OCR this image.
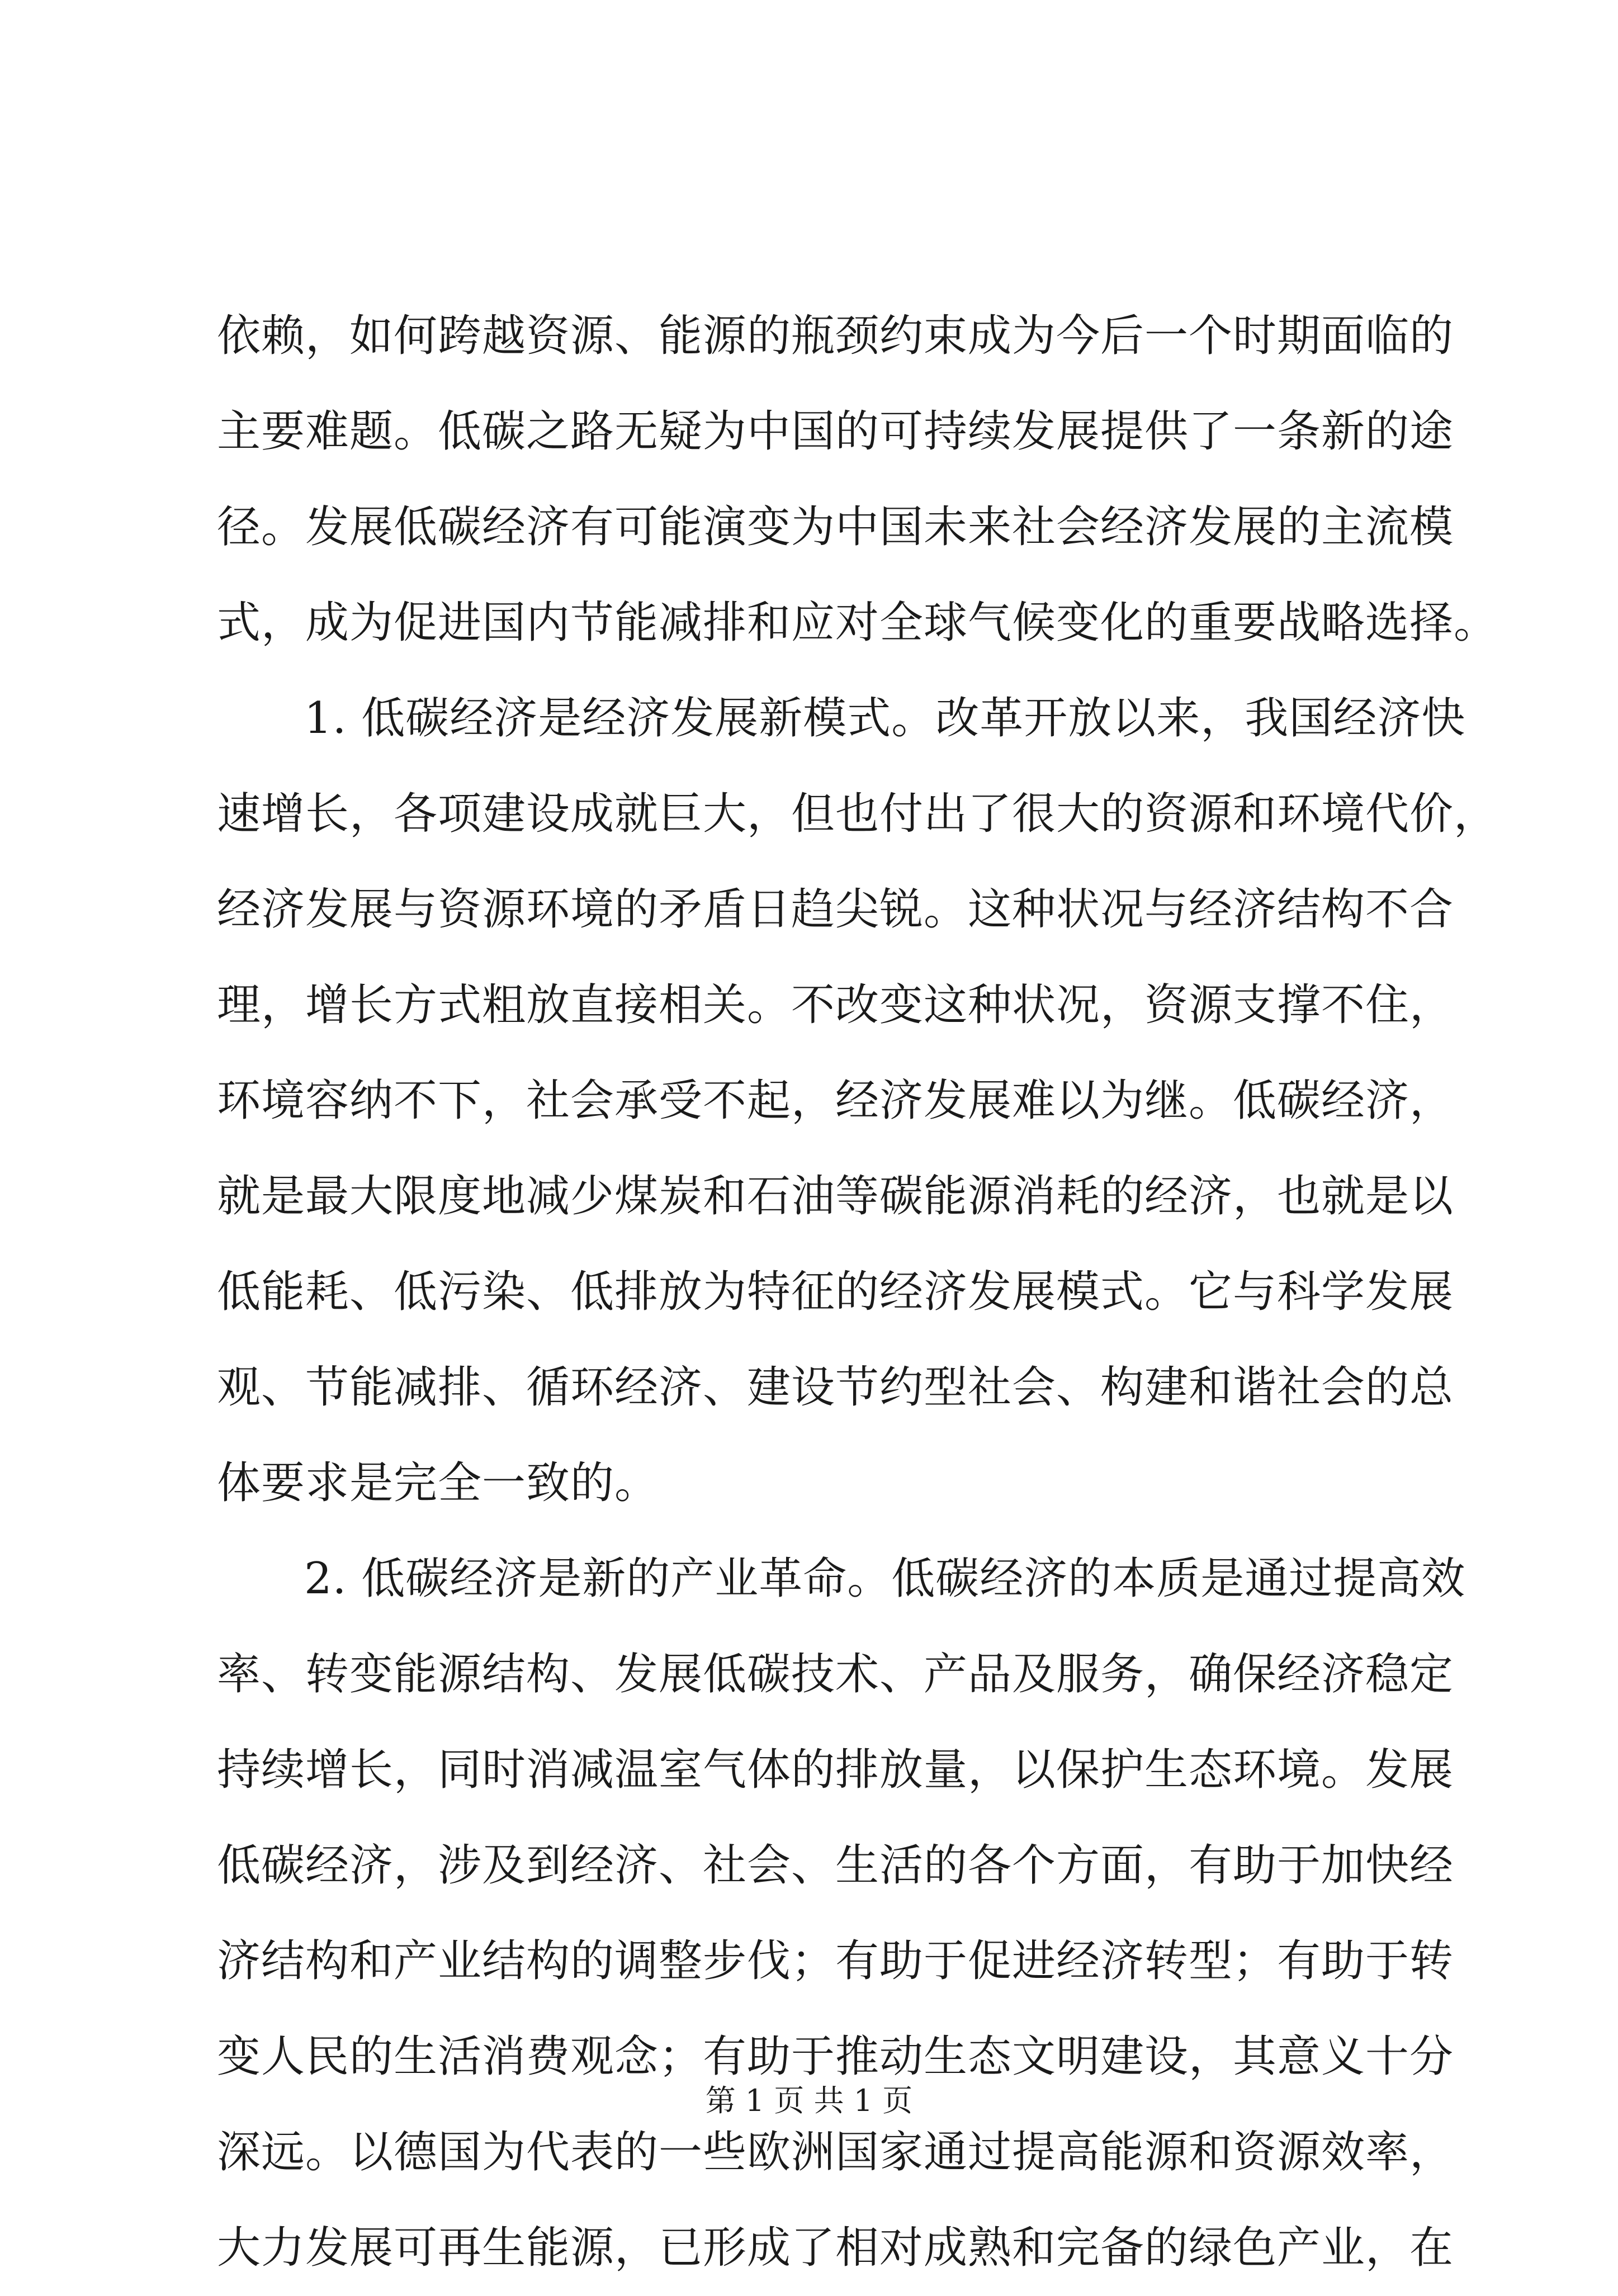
依赖，如何跨越资源、能源的瓶颈约束成为今后一个时期面临的
主要难题。低碳之路无疑为中国的可持续发展提供了一条新的途
径。发展低碳经济有可能演变为中国未来社会经济发展的主流模
式，成为促进国内节能减排和应对全球气候变化的重要战略选择。
1. 低碳经济是经济发展新模式。改革开放以来，我国经济快
速增长，各项建设成就巨大，但也付出了很大的资源和环境代价，
经济发展与资源环境的矛盾日趋尖锐。这种状况与经济结构不合
理，增长方式粗放直接相关。不改变这种状况，资源支撑不住，
环境容纳不下，社会承受不起，经济发展难以为继。低碳经济，
就是最大限度地减少煤炭和石油等碳能源消耗的经济，也就是以
低能耗、低污染、低排放为特征的经济发展模式。它与科学发展
观、节能减排、循环经济、建设节约型社会、构建和谐社会的总
体要求是完全一致的。
2. 低碳经济是新的产业革命。低碳经济的本质是通过提高效
率、转变能源结构、发展低碳技术、产品及服务，确保经济稳定
持续增长，同时消减温室气体的排放量，以保护生态环境。发展
低碳经济，涉及到经济、社会、生活的各个方面，有助于加快经
济结构和产业结构的调整步伐；有助于促进经济转型；有助于转
变人民的生活消费观念；有助于推动生态文明建设，其意义十分
深远。以德国为代表的一些欧洲国家通过提高能源和资源效率，
大力发展可再生能源，已形成了相对成熟和完备的绿色产业，在
第 1 页 共 1 页
